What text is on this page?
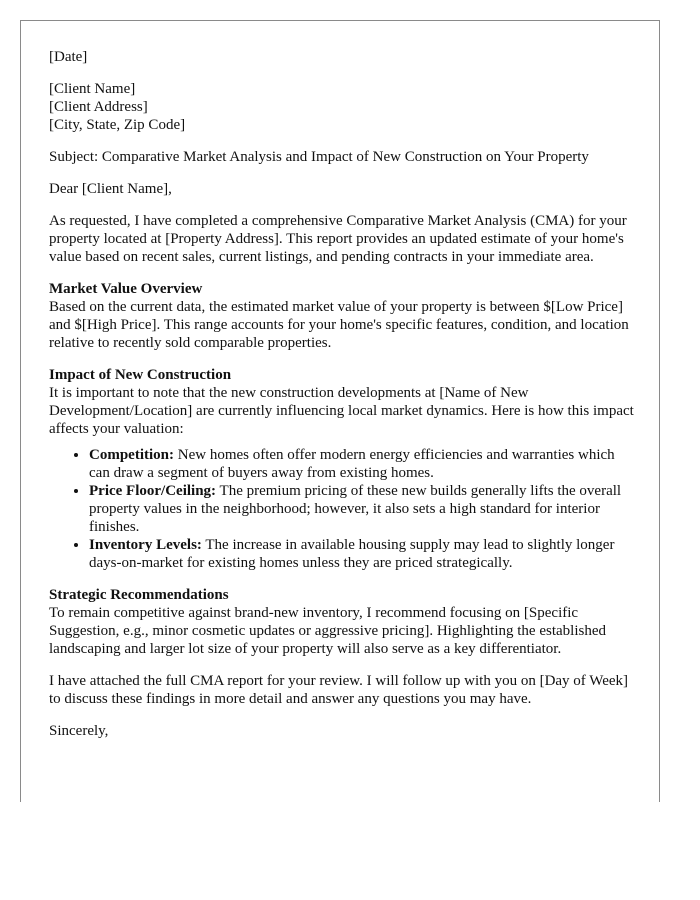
[Date]

[Client Name]
[Client Address]
[City, State, Zip Code]

Subject: Comparative Market Analysis and Impact of New Construction on Your Property

Dear [Client Name],

As requested, I have completed a comprehensive Comparative Market Analysis (CMA) for your property located at [Property Address]. This report provides an updated estimate of your home's value based on recent sales, current listings, and pending contracts in your immediate area.

Market Value Overview
Based on the current data, the estimated market value of your property is between $[Low Price] and $[High Price]. This range accounts for your home's specific features, condition, and location relative to recently sold comparable properties.

Impact of New Construction
It is important to note that the new construction developments at [Name of New Development/Location] are currently influencing local market dynamics. Here is how this impact affects your valuation:

• Competition: New homes often offer modern energy efficiencies and warranties which can draw a segment of buyers away from existing homes.
• Price Floor/Ceiling: The premium pricing of these new builds generally lifts the overall property values in the neighborhood; however, it also sets a high standard for interior finishes.
• Inventory Levels: The increase in available housing supply may lead to slightly longer days-on-market for existing homes unless they are priced strategically.

Strategic Recommendations
To remain competitive against brand-new inventory, I recommend focusing on [Specific Suggestion, e.g., minor cosmetic updates or aggressive pricing]. Highlighting the established landscaping and larger lot size of your property will also serve as a key differentiator.

I have attached the full CMA report for your review. I will follow up with you on [Day of Week] to discuss these findings in more detail and answer any questions you may have.

Sincerely,
